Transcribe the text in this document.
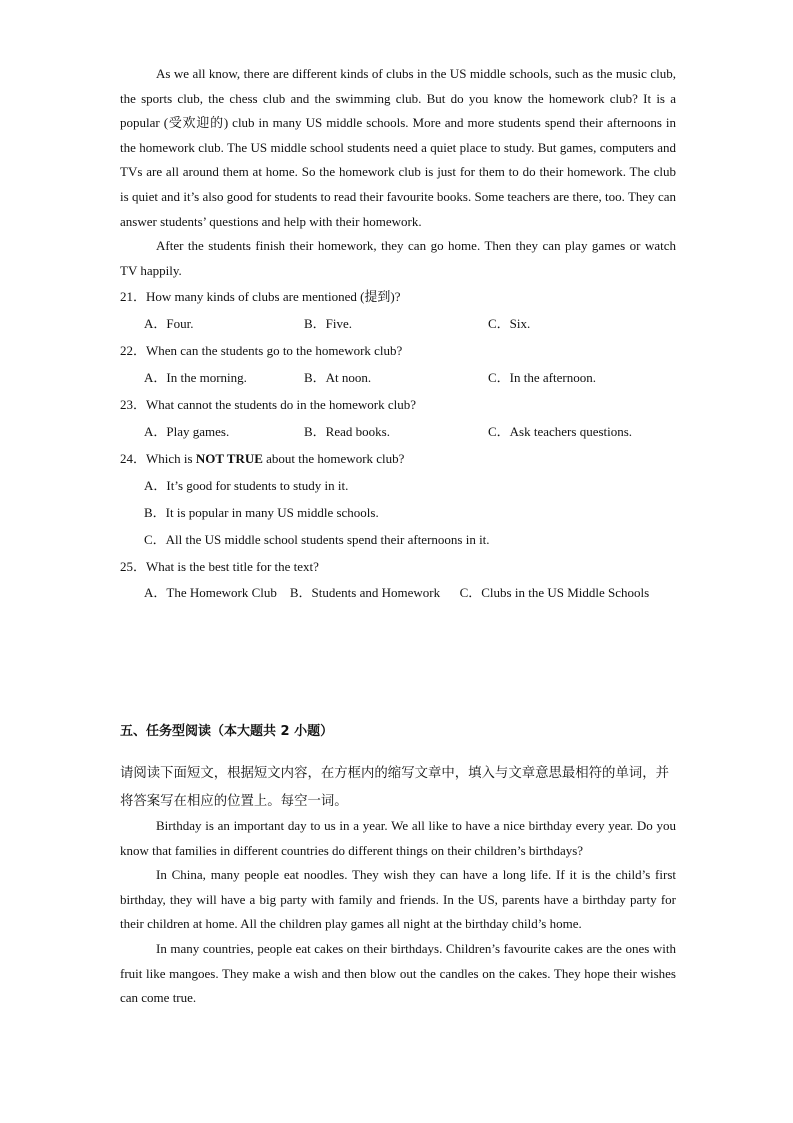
As we all know, there are different kinds of clubs in the US middle schools, such as the music club, the sports club, the chess club and the swimming club. But do you know the homework club? It is a popular (受欢迎的) club in many US middle schools. More and more students spend their afternoons in the homework club. The US middle school students need a quiet place to study. But games, computers and TVs are all around them at home. So the homework club is just for them to do their homework. The club is quiet and it’s also good for students to read their favourite books. Some teachers are there, too. They can answer students’ questions and help with their homework.

After the students finish their homework, they can go home. Then they can play games or watch TV happily.

21．How many kinds of clubs are mentioned (提到)?

A．Four.	B．Five.	C．Six.

22．When can the students go to the homework club?

A．In the morning.	B．At noon.	C．In the afternoon.

23．What cannot the students do in the homework club?

A．Play games.	B．Read books.	C．Ask teachers questions.

24．Which is NOT TRUE about the homework club?

A．It’s good for students to study in it.

B．It is popular in many US middle schools.

C．All the US middle school students spend their afternoons in it.

25．What is the best title for the text?

A．The Homework Club B．Students and Homework C．Clubs in the US Middle Schools

五、任务型阅读（本大题共 2 小题）

请阅读下面短文，根据短文内容，在方框内的缩写文章中，填入与文章意思最相符的单词，并将答案写在相应的位置上。每空一词。

Birthday is an important day to us in a year. We all like to have a nice birthday every year. Do you know that families in different countries do different things on their children’s birthdays?

In China, many people eat noodles. They wish they can have a long life. If it is the child’s first birthday, they will have a big party with family and friends. In the US, parents have a birthday party for their children at home. All the children play games all night at the birthday child’s home.

In many countries, people eat cakes on their birthdays. Children’s favourite cakes are the ones with fruit like mangoes. They make a wish and then blow out the candles on the cakes. They hope their wishes can come true.
